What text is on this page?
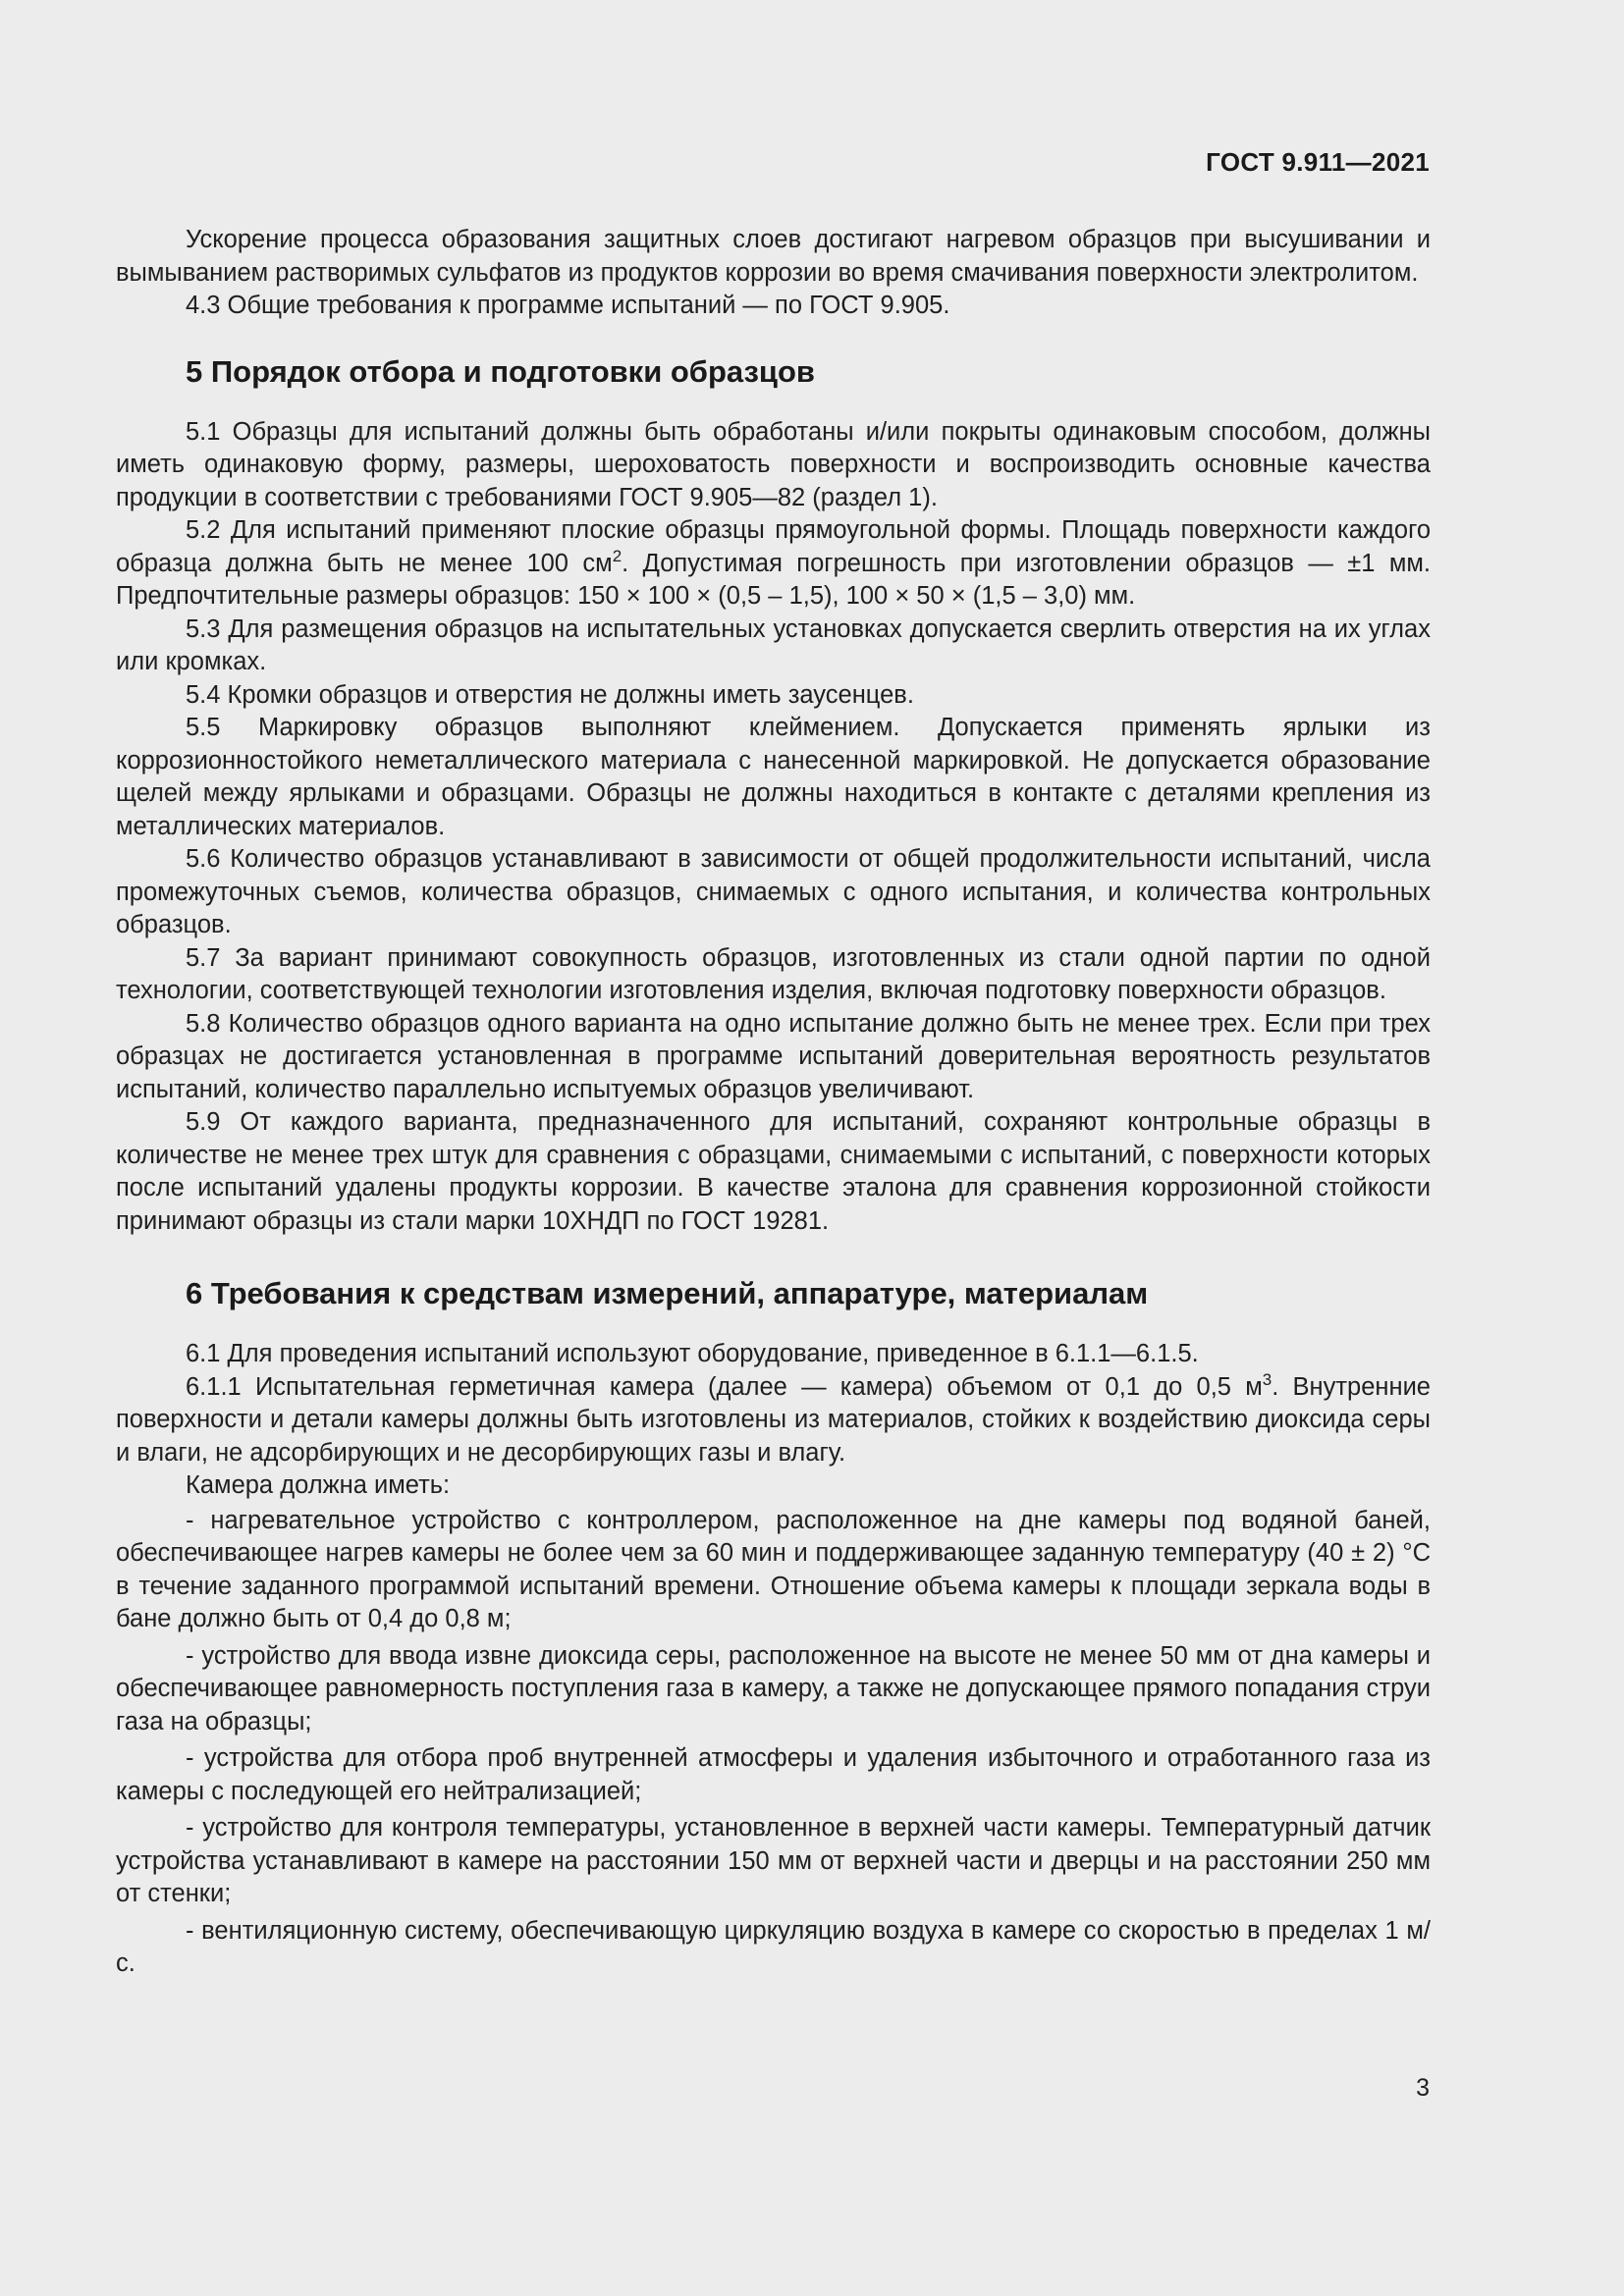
ГОСТ 9.911—2021

Ускорение процесса образования защитных слоев достигают нагревом образцов при высушивании и вымыванием растворимых сульфатов из продуктов коррозии во время смачивания поверхности электролитом.

4.3 Общие требования к программе испытаний — по ГОСТ 9.905.

5 Порядок отбора и подготовки образцов

5.1 Образцы для испытаний должны быть обработаны и/или покрыты одинаковым способом, должны иметь одинаковую форму, размеры, шероховатость поверхности и воспроизводить основные качества продукции в соответствии с требованиями ГОСТ 9.905—82 (раздел 1).

5.2 Для испытаний применяют плоские образцы прямоугольной формы. Площадь поверхности каждого образца должна быть не менее 100 $см^2$. Допустимая погрешность при изготовлении образцов — ±1 мм. Предпочтительные размеры образцов: 150 × 100 × (0,5 – 1,5), 100 × 50 × (1,5 – 3,0) мм.

5.3 Для размещения образцов на испытательных установках допускается сверлить отверстия на их углах или кромках.

5.4 Кромки образцов и отверстия не должны иметь заусенцев.

5.5 Маркировку образцов выполняют клеймением. Допускается применять ярлыки из коррозионностойкого неметаллического материала с нанесенной маркировкой. Не допускается образование щелей между ярлыками и образцами. Образцы не должны находиться в контакте с деталями крепления из металлических материалов.

5.6 Количество образцов устанавливают в зависимости от общей продолжительности испытаний, числа промежуточных съемов, количества образцов, снимаемых с одного испытания, и количества контрольных образцов.

5.7 За вариант принимают совокупность образцов, изготовленных из стали одной партии по одной технологии, соответствующей технологии изготовления изделия, включая подготовку поверхности образцов.

5.8 Количество образцов одного варианта на одно испытание должно быть не менее трех. Если при трех образцах не достигается установленная в программе испытаний доверительная вероятность результатов испытаний, количество параллельно испытуемых образцов увеличивают.

5.9 От каждого варианта, предназначенного для испытаний, сохраняют контрольные образцы в количестве не менее трех штук для сравнения с образцами, снимаемыми с испытаний, с поверхности которых после испытаний удалены продукты коррозии. В качестве эталона для сравнения коррозионной стойкости принимают образцы из стали марки 10ХНДП по ГОСТ 19281.

6 Требования к средствам измерений, аппаратуре, материалам

6.1 Для проведения испытаний используют оборудование, приведенное в 6.1.1—6.1.5.

6.1.1 Испытательная герметичная камера (далее — камера) объемом от 0,1 до 0,5 $м^3$. Внутренние поверхности и детали камеры должны быть изготовлены из материалов, стойких к воздействию диоксида серы и влаги, не адсорбирующих и не десорбирующих газы и влагу.

Камера должна иметь:

- нагревательное устройство с контроллером, расположенное на дне камеры под водяной баней, обеспечивающее нагрев камеры не более чем за 60 мин и поддерживающее заданную температуру (40 ± 2) °С в течение заданного программой испытаний времени. Отношение объема камеры к площади зеркала воды в бане должно быть от 0,4 до 0,8 м;

- устройство для ввода извне диоксида серы, расположенное на высоте не менее 50 мм от дна камеры и обеспечивающее равномерность поступления газа в камеру, а также не допускающее прямого попадания струи газа на образцы;

- устройства для отбора проб внутренней атмосферы и удаления избыточного и отработанного газа из камеры с последующей его нейтрализацией;

- устройство для контроля температуры, установленное в верхней части камеры. Температурный датчик устройства устанавливают в камере на расстоянии 150 мм от верхней части и дверцы и на расстоянии 250 мм от стенки;

- вентиляционную систему, обеспечивающую циркуляцию воздуха в камере со скоростью в пределах 1 м/с.

3
